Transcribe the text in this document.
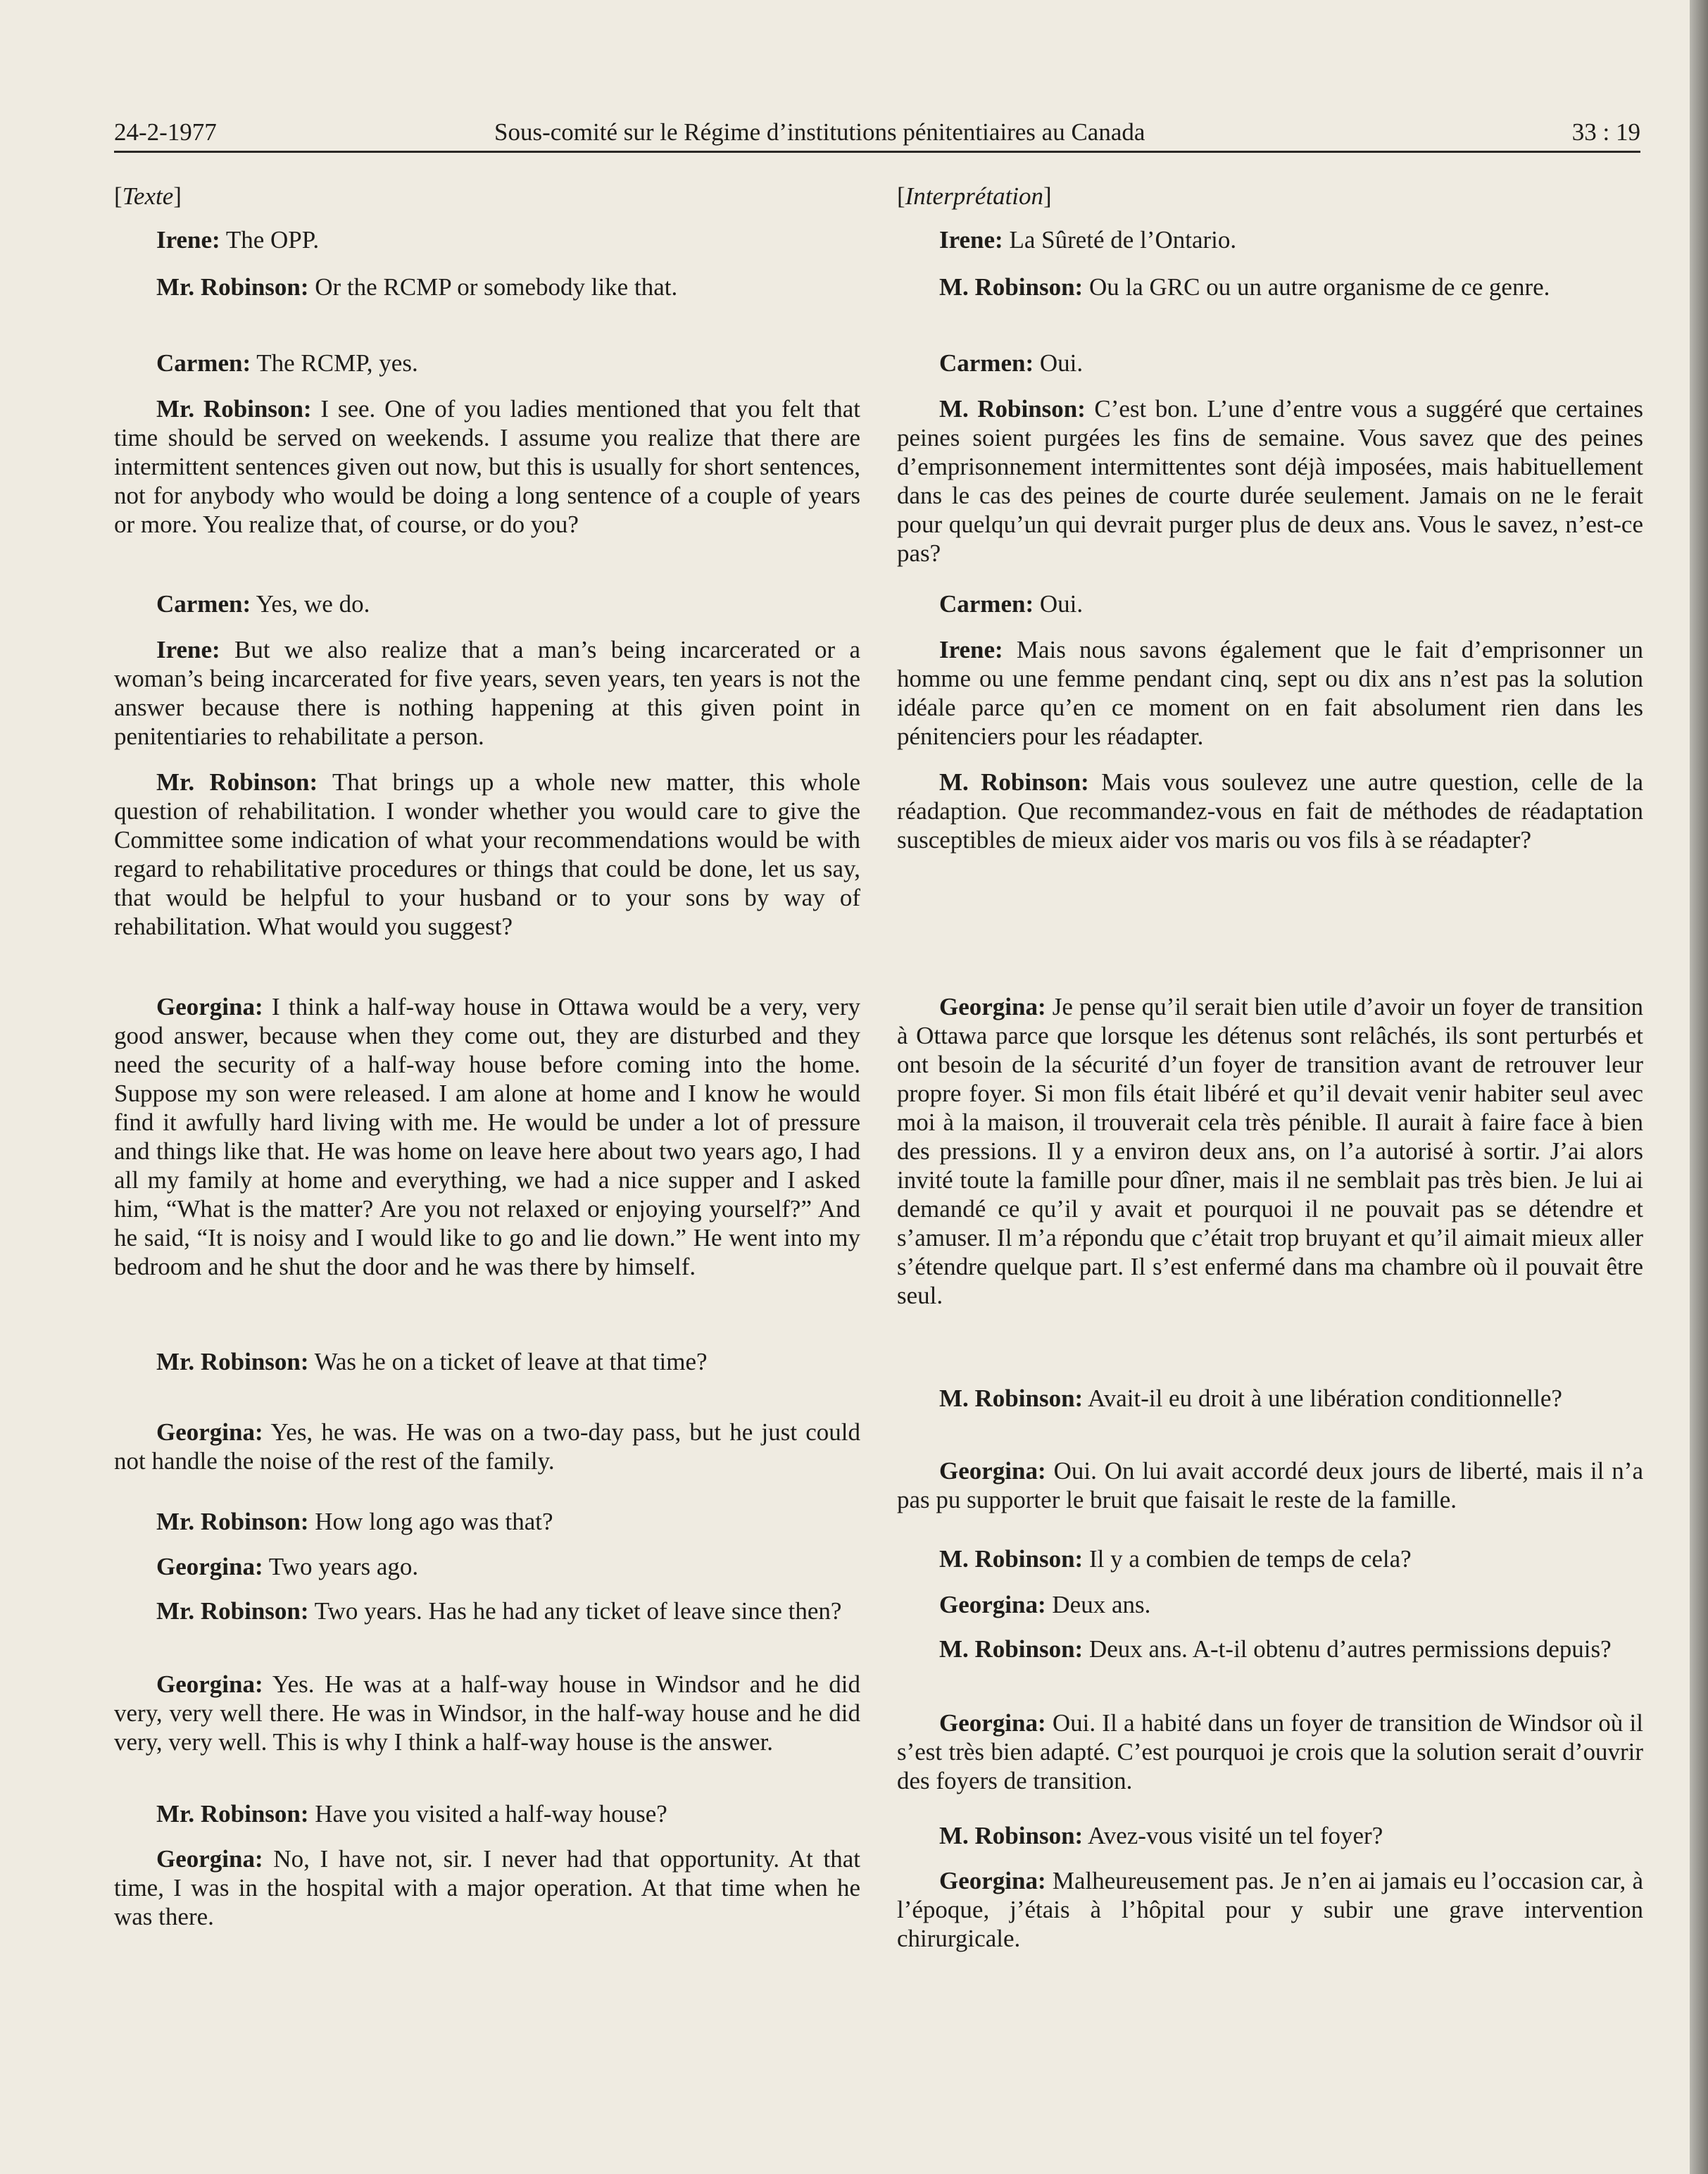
24-2-1977	Sous-comité sur le Régime d’institutions pénitentiaires au Canada	33 : 19

[Texte]

Irene: The OPP.

Mr. Robinson: Or the RCMP or somebody like that.

Carmen: The RCMP, yes.

Mr. Robinson: I see. One of you ladies mentioned that you felt that time should be served on weekends. I assume you realize that there are intermittent sentences given out now, but this is usually for short sentences, not for anybody who would be doing a long sentence of a couple of years or more. You realize that, of course, or do you?

Carmen: Yes, we do.

Irene: But we also realize that a man’s being incarcerated or a woman’s being incarcerated for five years, seven years, ten years is not the answer because there is nothing happening at this given point in penitentiaries to rehabilitate a person.

Mr. Robinson: That brings up a whole new matter, this whole question of rehabilitation. I wonder whether you would care to give the Committee some indication of what your recommendations would be with regard to rehabilitative procedures or things that could be done, let us say, that would be helpful to your husband or to your sons by way of rehabilitation. What would you suggest?

Georgina: I think a half-way house in Ottawa would be a very, very good answer, because when they come out, they are disturbed and they need the security of a half-way house before coming into the home. Suppose my son were released. I am alone at home and I know he would find it awfully hard living with me. He would be under a lot of pressure and things like that. He was home on leave here about two years ago, I had all my family at home and everything, we had a nice supper and I asked him, “What is the matter? Are you not relaxed or enjoying yourself?” And he said, “It is noisy and I would like to go and lie down.” He went into my bedroom and he shut the door and he was there by himself.

Mr. Robinson: Was he on a ticket of leave at that time?

Georgina: Yes, he was. He was on a two-day pass, but he just could not handle the noise of the rest of the family.

Mr. Robinson: How long ago was that?

Georgina: Two years ago.

Mr. Robinson: Two years. Has he had any ticket of leave since then?

Georgina: Yes. He was at a half-way house in Windsor and he did very, very well there. He was in Windsor, in the half-way house and he did very, very well. This is why I think a half-way house is the answer.

Mr. Robinson: Have you visited a half-way house?

Georgina: No, I have not, sir. I never had that opportunity. At that time, I was in the hospital with a major operation. At that time when he was there.

[Interprétation]

Irene: La Sûreté de l’Ontario.

M. Robinson: Ou la GRC ou un autre organisme de ce genre.

Carmen: Oui.

M. Robinson: C’est bon. L’une d’entre vous a suggéré que certaines peines soient purgées les fins de semaine. Vous savez que des peines d’emprisonnement intermittentes sont déjà imposées, mais habituellement dans le cas des peines de courte durée seulement. Jamais on ne le ferait pour quelqu’un qui devrait purger plus de deux ans. Vous le savez, n’est-ce pas?

Carmen: Oui.

Irene: Mais nous savons également que le fait d’emprisonner un homme ou une femme pendant cinq, sept ou dix ans n’est pas la solution idéale parce qu’en ce moment on en fait absolument rien dans les pénitenciers pour les réadapter.

M. Robinson: Mais vous soulevez une autre question, celle de la réadaption. Que recommandez-vous en fait de méthodes de réadaptation susceptibles de mieux aider vos maris ou vos fils à se réadapter?

Georgina: Je pense qu’il serait bien utile d’avoir un foyer de transition à Ottawa parce que lorsque les détenus sont relâchés, ils sont perturbés et ont besoin de la sécurité d’un foyer de transition avant de retrouver leur propre foyer. Si mon fils était libéré et qu’il devait venir habiter seul avec moi à la maison, il trouverait cela très pénible. Il aurait à faire face à bien des pressions. Il y a environ deux ans, on l’a autorisé à sortir. J’ai alors invité toute la famille pour dîner, mais il ne semblait pas très bien. Je lui ai demandé ce qu’il y avait et pourquoi il ne pouvait pas se détendre et s’amuser. Il m’a répondu que c’était trop bruyant et qu’il aimait mieux aller s’étendre quelque part. Il s’est enfermé dans ma chambre où il pouvait être seul.

M. Robinson: Avait-il eu droit à une libération conditionnelle?

Georgina: Oui. On lui avait accordé deux jours de liberté, mais il n’a pas pu supporter le bruit que faisait le reste de la famille.

M. Robinson: Il y a combien de temps de cela?

Georgina: Deux ans.

M. Robinson: Deux ans. A-t-il obtenu d’autres permissions depuis?

Georgina: Oui. Il a habité dans un foyer de transition de Windsor où il s’est très bien adapté. C’est pourquoi je crois que la solution serait d’ouvrir des foyers de transition.

M. Robinson: Avez-vous visité un tel foyer?

Georgina: Malheureusement pas. Je n’en ai jamais eu l’occasion car, à l’époque, j’étais à l’hôpital pour y subir une grave intervention chirurgicale.
